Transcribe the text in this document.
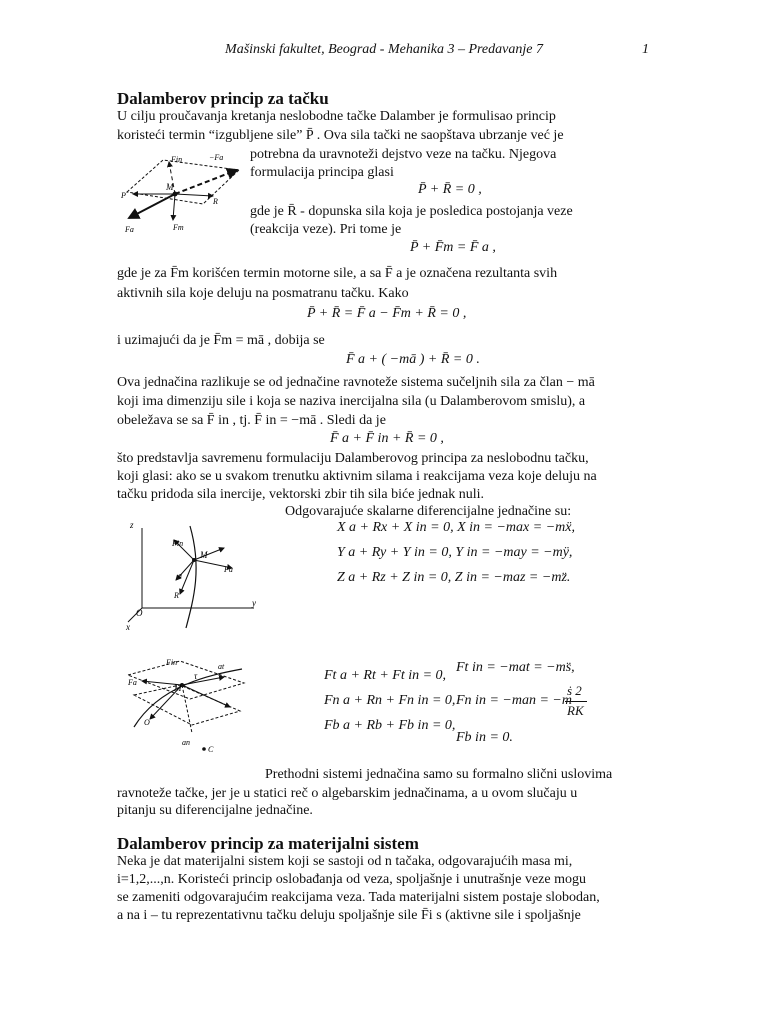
Mašinski fakultet, Beograd - Mehanika 3 – Predavanje 7	1
Dalamberov princip za tačku
U cilju proučavanja kretanja neslobodne tačke Dalamber je formulisao princip
koristeći termin “izgubljene sile” P̄ . Ova sila tački ne saopštava ubrzanje već je
potrebna da uravnoteži dejstvo veze na tačku. Njegova
formulacija principa glasi
P̄ + R̄ = 0 ,
gde je R̄ - dopunska sila koja je posledica postojanja veze
(reakcija veze). Pri tome je
P̄ + F̄m = F̄ a ,
Fin	−Fa
M
Fa
P
R
Fm
gde je za F̄m korišćen termin motorne sile, a sa F̄ a je označena rezultanta svih
aktivnih sila koje deluju na posmatranu tačku. Kako
P̄ + R̄ = F̄ a − F̄m + R̄ = 0 ,
i uzimajući da je F̄m = mā , dobija se
F̄ a + ( −mā ) + R̄ = 0 .
Ova jednačina razlikuje se od jednačine ravnoteže sistema sučeljnih sila za član − mā
koji ima dimenziju sile i koja se naziva inercijalna sila (u Dalamberovom smislu), a
obeležava se sa F̄ in , tj. F̄ in = −mā . Sledi da je
F̄ a + F̄ in + R̄ = 0 ,
što predstavlja savremenu formulaciju Dalamberovog principa za neslobodnu tačku,
koji glasi: ako se u svakom trenutku aktivnim silama i reakcijama veza koje deluju na
tačku pridoda sila inercije, vektorski zbir tih sila biće jednak nuli.
Odgovarajuće skalarne diferencijalne jednačine su:
X a + Rx + X in = 0, X in = −max = −mẍ,
Y a + Ry + Y in = 0, Y in = −may = −mÿ,
Z a + Rz + Z in = 0, Z in = −maz = −mz̈.
z
Fin
M
Fa
a
R
O
y
x
Fin	at
M
τ
Fa
an
C
O
Ft a + Rt + Ft in = 0,
Fn a + Rn + Fn in = 0,
Fb a + Rb + Fb in = 0,
Ft in = −mat = −ms̈,
Fn in = −man = −m
ṡ 2
RK
Fb in = 0.
Prethodni sistemi jednačina samo su formalno slični uslovima
ravnoteže tačke, jer je u statici reč o algebarskim jednačinama, a u ovom slučaju u
pitanju su diferencijalne jednačine.
Dalamberov princip za materijalni sistem
Neka je dat materijalni sistem koji se sastoji od n tačaka, odgovarajućih masa mi,
i=1,2,...,n. Koristeći princip oslobađanja od veza, spoljašnje i unutrašnje veze mogu
se zameniti odgovarajućim reakcijama veza. Tada materijalni sistem postaje slobodan,
a na i – tu reprezentativnu tačku deluju spoljašnje sile F̄i s (aktivne sile i spoljašnje
